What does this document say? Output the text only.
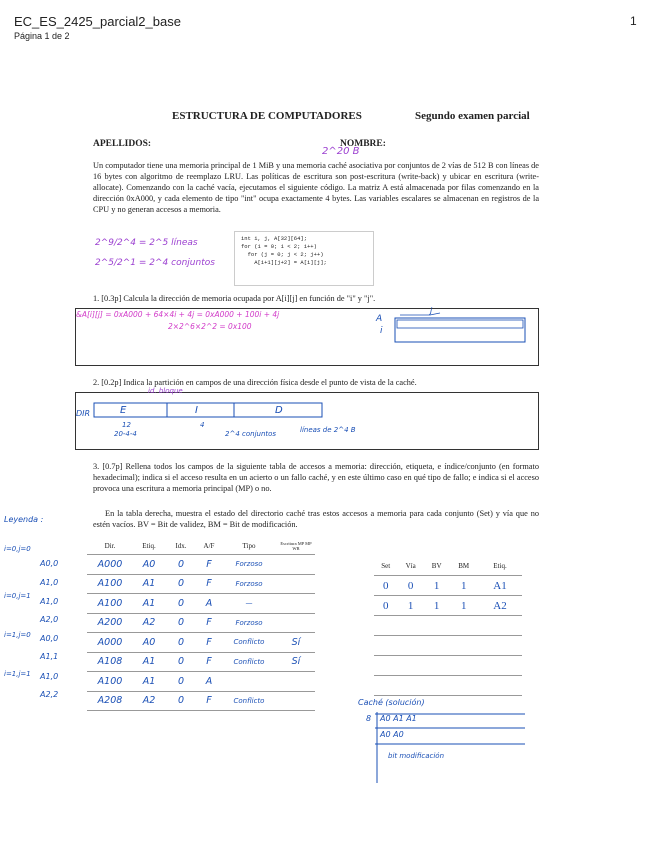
EC_ES_2425_parcial2_base
Página 1 de 2
1
ESTRUCTURA DE COMPUTADORES	Segundo examen parcial
APELLIDOS:	NOMBRE:
2^20 B
Un computador tiene una memoria principal de 1 MiB y una memoria caché asociativa por conjuntos de 2 vías de 512 B con líneas de 16 bytes con algoritmo de reemplazo LRU. Las políticas de escritura son post-escritura (write-back) y ubicar en escritura (write-allocate). Comenzando con la caché vacía, ejecutamos el siguiente código. La matriz A está almacenada por filas comenzando en la dirección 0xA000, y cada elemento de tipo "int" ocupa exactamente 4 bytes. Las variables escalares se almacenan en registros de la CPU y no generan accesos a memoria.
2^9/2^4 = 2^5 líneas
2^5/2^1 = 2^4 conjuntos
int i, j, A[32][64];
for (i = 0; i < 2; i++)
for (j = 0; j < 2; j++)
A[i+1][j+2] = A[i][j];
1. [0.3p] Calcula la dirección de memoria ocupada por A[i][j] en función de "i" y "j".
&A[i][j] = 0xA000 + 64×4i + 4j = 0xA000 + 100i + 4j
2×2^6×2^2 = 0x100
A
i
j
2. [0.2p] Indica la partición en campos de una dirección física desde el punto de vista de la caché.
id. bloque
DIR	E	I	D
12
20-4-4
4
2^4 conjuntos	líneas de 2^4 B
3. [0.7p] Rellena todos los campos de la siguiente tabla de accesos a memoria: dirección, etiqueta, e índice/conjunto (en formato hexadecimal); indica si el acceso resulta en un acierto o un fallo caché, y en este último caso en qué tipo de fallo; e indica si el acceso provoca una escritura a memoria principal (MP) o no.
En la tabla derecha, muestra el estado del directorio caché tras estos accesos a memoria para cada conjunto (Set) y vía que no estén vacíos. BV = Bit de validez, BM = Bit de modificación.
Leyenda :
i=0,j=0
A0,0
A1,0
i=0,j=1
A1,0
A2,0
i=1,j=0 A0,0
A1,1
i=1,j=1 A1,0
A2,2
Dir.	Etiq.	Idx.	A/F	Tipo	Escritura MP MP WR
A000	A0	0	F	Forzoso	
A100	A1	0	F	Forzoso	
A100	A1	0	A	—	
A200	A2	0	F	Forzoso	
A000	A0	0	F	Conflicto	Sí
A108	A1	0	F	Conflicto	Sí
A100	A1	0	A		
A208	A2	0	F	Conflicto	
Set	Vía	BV	BM	Etiq.
0	0	1	1	A1
0	1	1	1	A2

Caché (solución)
8 A0 A1 A1
A0 A0
bit modificación
